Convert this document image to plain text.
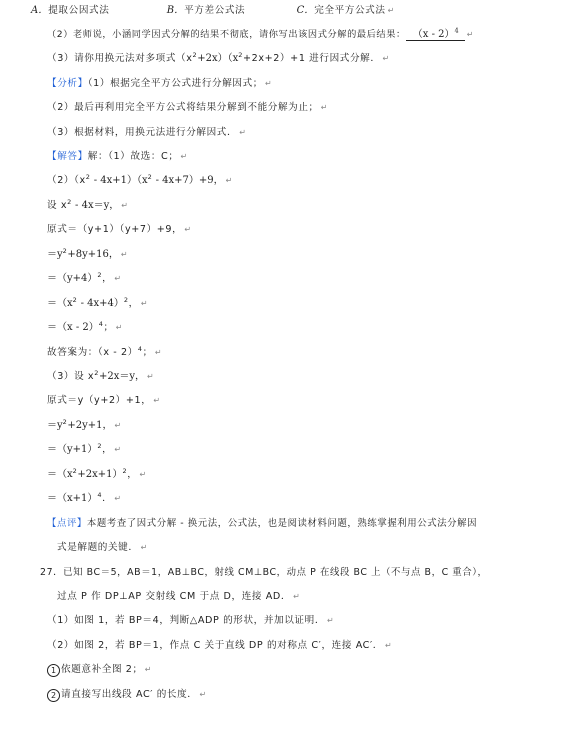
A．提取公因式法	B．平方差公式法	C．完全平方公式法 ↵
（2）老师说，小涵同学因式分解的结果不彻底，请你写出该因式分解的最后结果： （x - 2）$^4$ ↵
（3）请你用换元法对多项式$(x^2+2x)(x^2+2x+2)+1$ 进行因式分解． ↵
【分析】（1）根据完全平方公式进行分解因式； ↵
（2）最后再利用完全平方公式将结果分解到不能分解为止； ↵
（3）根据材料，用换元法进行分解因式． ↵
【解答】解：（1）故选：C； ↵
$(2)(x^2 - 4x+1)(x^2 - 4x+7)+9$， ↵
设 $x^2 - 4x=y$， ↵
原式＝（y+1）（y+7）+9， ↵
$=y^2+8y+16$， ↵
$=(y+4)^2$， ↵
$=(x^2 - 4x+4)^2$， ↵
＝（x - 2）$^4$； ↵
故答案为：（x - 2）$^4$； ↵
（3）设 $x^2+2x=y$， ↵
原式＝y（y+2）+1， ↵
$=y^2+2y+1$， ↵
$=(y+1)^2$， ↵
$=(x^2+2x+1)^2$， ↵
$=(x+1)^4$． ↵
【点评】本题考查了因式分解 - 换元法，公式法，也是阅读材料问题，熟练掌握利用公式法分解因
式是解题的关键． ↵
27．已知 BC＝5，AB＝1，AB⊥BC，射线 CM⊥BC，动点 P 在线段 BC 上（不与点 B，C 重合），
过点 P 作 DP⊥AP 交射线 CM 于点 D，连接 AD． ↵
（1）如图 1，若 BP＝4，判断△ADP 的形状，并加以证明． ↵
（2）如图 2，若 BP＝1，作点 C 关于直线 DP 的对称点 C′，连接 AC′． ↵
1 依题意补全图 2； ↵
2 请直接写出线段 AC′ 的长度． ↵
